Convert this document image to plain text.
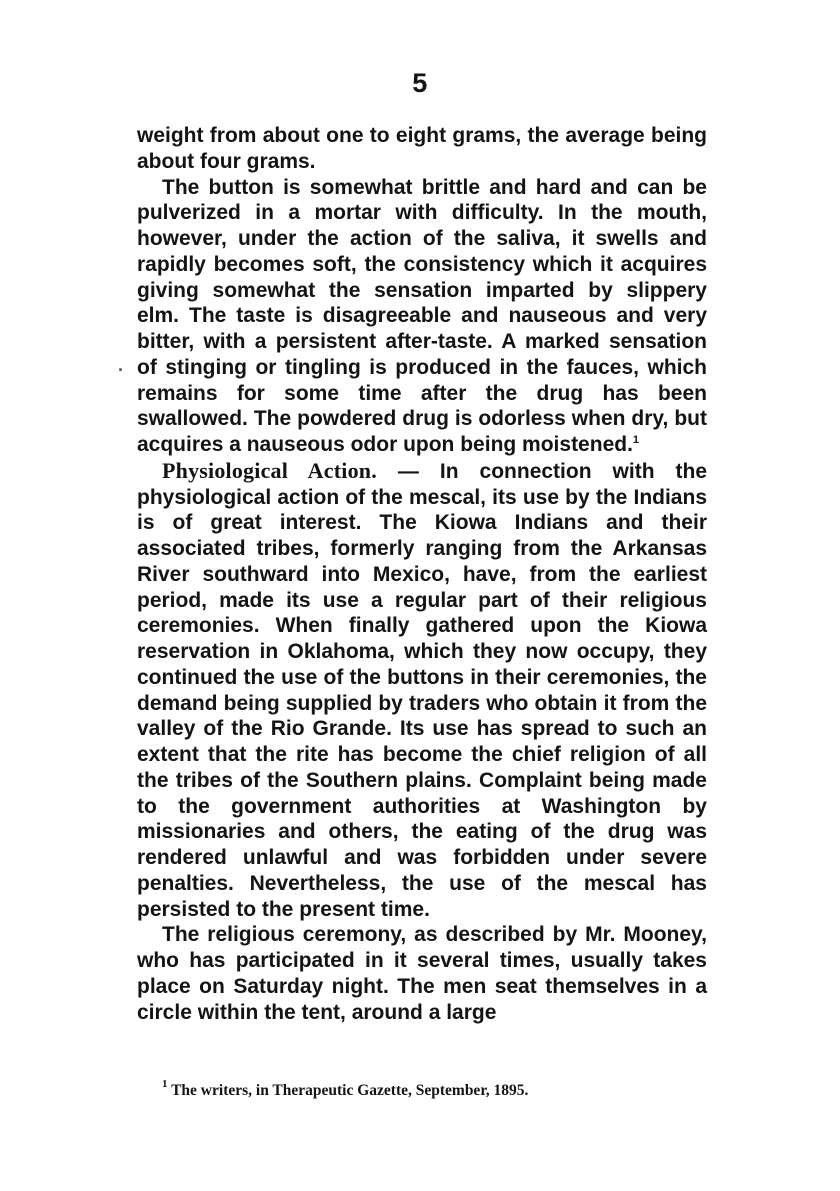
5
·

weight from about one to eight grams, the average being about four grams.

The button is somewhat brittle and hard and can be pulverized in a mortar with difficulty. In the mouth, however, under the action of the saliva, it swells and rapidly becomes soft, the consistency which it acquires giving somewhat the sensation imparted by slippery elm. The taste is disagreeable and nauseous and very bitter, with a persistent after-taste. A marked sensation of stinging or tingling is produced in the fauces, which remains for some time after the drug has been swallowed. The powdered drug is odorless when dry, but acquires a nauseous odor upon being moistened.$^1$

Physiological Action. — In connection with the physiological action of the mescal, its use by the Indians is of great interest. The Kiowa Indians and their associated tribes, formerly ranging from the Arkansas River southward into Mexico, have, from the earliest period, made its use a regular part of their religious ceremonies. When finally gathered upon the Kiowa reservation in Oklahoma, which they now occupy, they continued the use of the buttons in their ceremonies, the demand being supplied by traders who obtain it from the valley of the Rio Grande. Its use has spread to such an extent that the rite has become the chief religion of all the tribes of the Southern plains. Complaint being made to the government authorities at Washington by missionaries and others, the eating of the drug was rendered unlawful and was forbidden under severe penalties. Nevertheless, the use of the mescal has persisted to the present time.

The religious ceremony, as described by Mr. Mooney, who has participated in it several times, usually takes place on Saturday night. The men seat themselves in a circle within the tent, around a large

$^1$ The writers, in Therapeutic Gazette, September, 1895.
